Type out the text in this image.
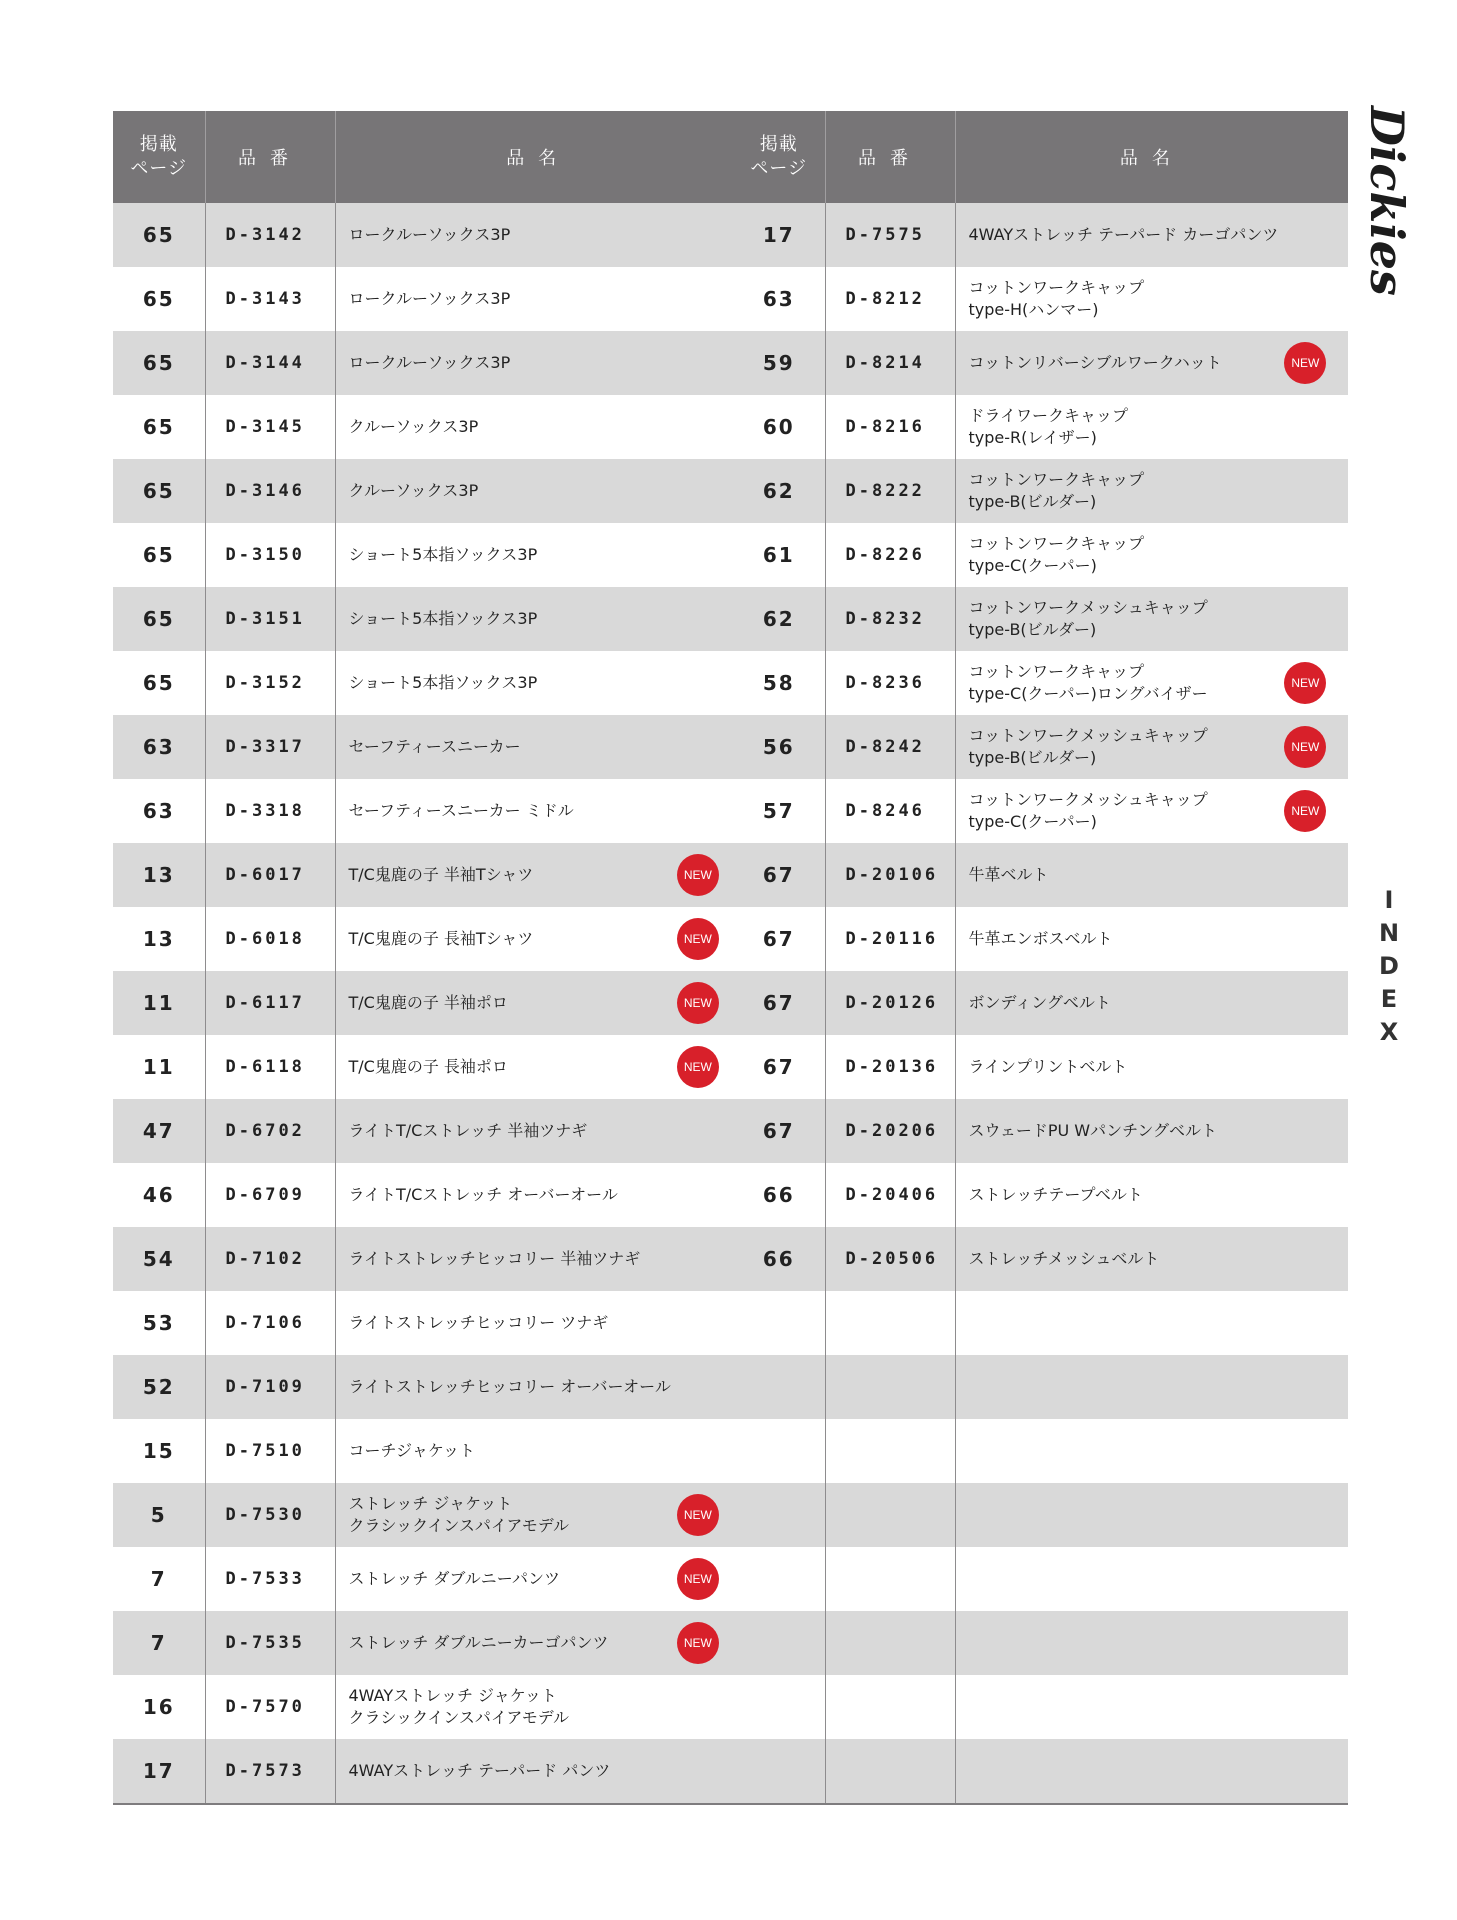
掲載
ページ	品番	品名
65	D-3142	ロークルーソックス3P

65	D-3143	ロークルーソックス3P

65	D-3144	ロークルーソックス3P

65	D-3145	クルーソックス3P

65	D-3146	クルーソックス3P

65	D-3150	ショート5本指ソックス3P

65	D-3151	ショート5本指ソックス3P

65	D-3152	ショート5本指ソックス3P

63	D-3317	セーフティースニーカー

63	D-3318	セーフティースニーカー ミドル

13	D-6017	T/C鬼鹿の子 半袖Tシャツ NEW

13	D-6018	T/C鬼鹿の子 長袖Tシャツ NEW

11	D-6117	T/C鬼鹿の子 半袖ポロ NEW

11	D-6118	T/C鬼鹿の子 長袖ポロ NEW

47	D-6702	ライトT/Cストレッチ 半袖ツナギ

46	D-6709	ライトT/Cストレッチ オーバーオール

54	D-7102	ライトストレッチヒッコリー 半袖ツナギ

53	D-7106	ライトストレッチヒッコリー ツナギ

52	D-7109	ライトストレッチヒッコリー オーバーオール

15	D-7510	コーチジャケット

5	D-7530	ストレッチ ジャケット
クラシックインスパイアモデル
NEW

7	D-7533	ストレッチ ダブルニーパンツ NEW

7	D-7535	ストレッチ ダブルニーカーゴパンツ NEW

16	D-7570	4WAYストレッチ ジャケット
クラシックインスパイアモデル

17	D-7573	4WAYストレッチ テーパード パンツ
掲載
ページ	品番	品名
17	D-7575	4WAYストレッチ テーパード カーゴパンツ

63	D-8212	コットンワークキャップ
type-H(ハンマー)

59	D-8214	コットンリバーシブルワークハット NEW

60	D-8216	ドライワークキャップ
type-R(レイザー)

62	D-8222	コットンワークキャップ
type-B(ビルダー)

61	D-8226	コットンワークキャップ
type-C(クーパー)

62	D-8232	コットンワークメッシュキャップ
type-B(ビルダー)

58	D-8236	コットンワークキャップ
type-C(クーパー)ロングバイザー
NEW

56	D-8242	コットンワークメッシュキャップ
type-B(ビルダー)
NEW

57	D-8246	コットンワークメッシュキャップ
type-C(クーパー)
NEW

67	D-20106	牛革ベルト

67	D-20116	牛革エンボスベルト

67	D-20126	ボンディングベルト

67	D-20136	ラインプリントベルト

67	D-20206	スウェードPU Wパンチングベルト

66	D-20406	ストレッチテープベルト

66	D-20506	ストレッチメッシュベルト

Dickies
I
N
D
E
X
